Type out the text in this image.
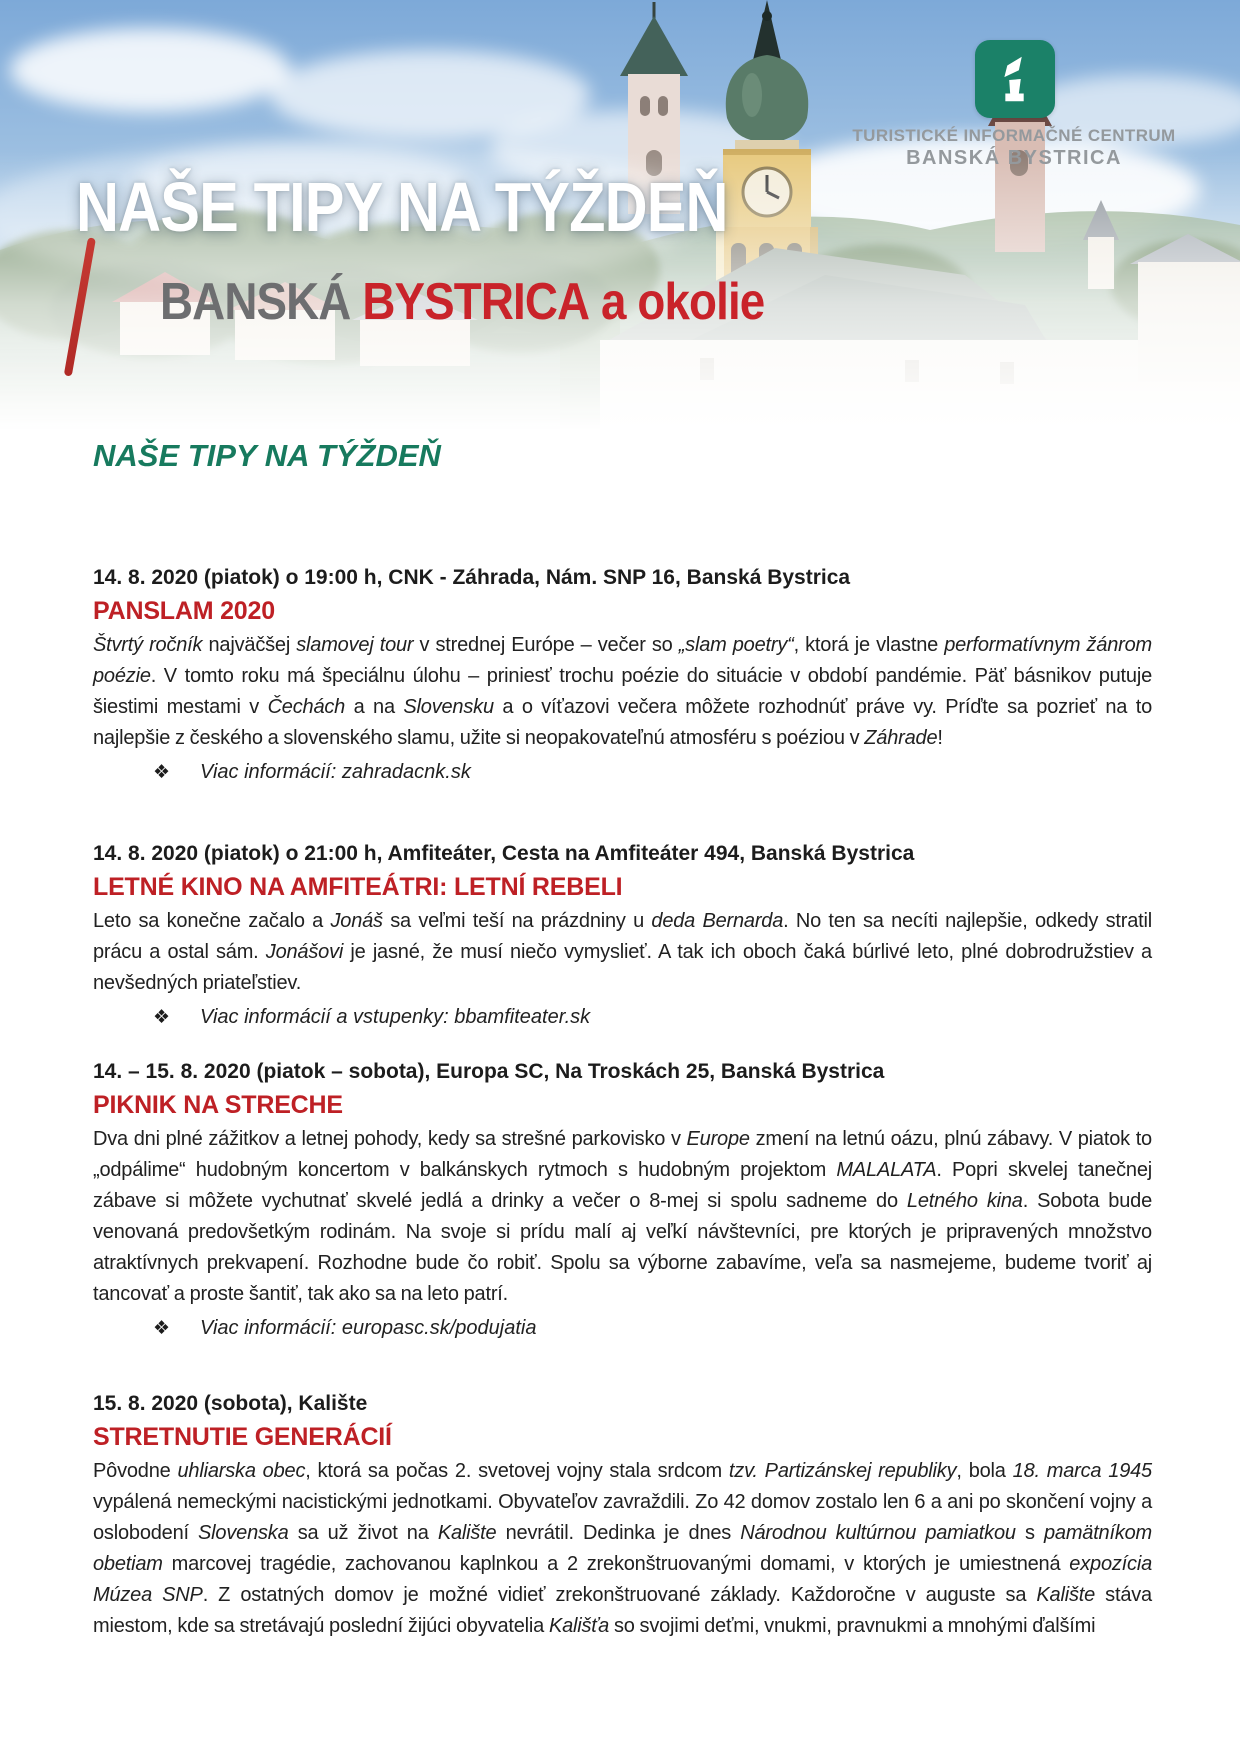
NAŠE TIPY NA TÝŽDEŇ
BANSKÁ BYSTRICA a okolie
TURISTICKÉ INFORMAČNÉ CENTRUM
BANSKÁ BYSTRICA
NAŠE TIPY NA TÝŽDEŇ
14. 8. 2020 (piatok) o 19:00 h, CNK - Záhrada, Nám. SNP 16, Banská Bystrica
PANSLAM 2020

Štvrtý ročník najväčšej slamovej tour v strednej Európe – večer so „slam poetry“, ktorá je vlastne performatívnym žánrom poézie. V tomto roku má špeciálnu úlohu – priniesť trochu poézie do situácie v období pandémie. Päť básnikov putuje šiestimi mestami v Čechách a na Slovensku a o víťazovi večera môžete rozhodnúť práve vy. Príďte sa pozrieť na to najlepšie z českého a slovenského slamu, užite si neopakovateľnú atmosféru s poéziou v Záhrade!

❖ Viac informácií: zahradacnk.sk
14. 8. 2020 (piatok) o 21:00 h, Amfiteáter, Cesta na Amfiteáter 494, Banská Bystrica
LETNÉ KINO NA AMFITEÁTRI: LETNÍ REBELI

Leto sa konečne začalo a Jonáš sa veľmi teší na prázdniny u deda Bernarda. No ten sa necíti najlepšie, odkedy stratil prácu a ostal sám. Jonášovi je jasné, že musí niečo vymyslieť. A tak ich oboch čaká búrlivé leto, plné dobrodružstiev a nevšedných priateľstiev.

❖ Viac informácií a vstupenky: bbamfiteater.sk
14. – 15. 8. 2020 (piatok – sobota), Europa SC, Na Troskách 25, Banská Bystrica
PIKNIK NA STRECHE

Dva dni plné zážitkov a letnej pohody, kedy sa strešné parkovisko v Europe zmení na letnú oázu, plnú zábavy. V piatok to „odpálime“ hudobným koncertom v balkánskych rytmoch s hudobným projektom MALALATA. Popri skvelej tanečnej zábave si môžete vychutnať skvelé jedlá a drinky a večer o 8-mej si spolu sadneme do Letného kina. Sobota bude venovaná predovšetkým rodinám. Na svoje si prídu malí aj veľkí návštevníci, pre ktorých je pripravených množstvo atraktívnych prekvapení. Rozhodne bude čo robiť. Spolu sa výborne zabavíme, veľa sa nasmejeme, budeme tvoriť aj tancovať a proste šantiť, tak ako sa na leto patrí.

❖ Viac informácií: europasc.sk/podujatia
15. 8. 2020 (sobota), Kalište
STRETNUTIE GENERÁCIÍ

Pôvodne uhliarska obec, ktorá sa počas 2. svetovej vojny stala srdcom tzv. Partizánskej republiky, bola 18. marca 1945 vypálená nemeckými nacistickými jednotkami. Obyvateľov zavraždili. Zo 42 domov zostalo len 6 a ani po skončení vojny a oslobodení Slovenska sa už život na Kalište nevrátil. Dedinka je dnes Národnou kultúrnou pamiatkou s pamätníkom obetiam marcovej tragédie, zachovanou kaplnkou a 2 zrekonštruovanými domami, v ktorých je umiestnená expozícia Múzea SNP. Z ostatných domov je možné vidieť zrekonštruované základy. Každoročne v auguste sa Kalište stáva miestom, kde sa stretávajú poslední žijúci obyvatelia Kališťa so svojimi deťmi, vnukmi, pravnukmi a mnohými ďalšími
